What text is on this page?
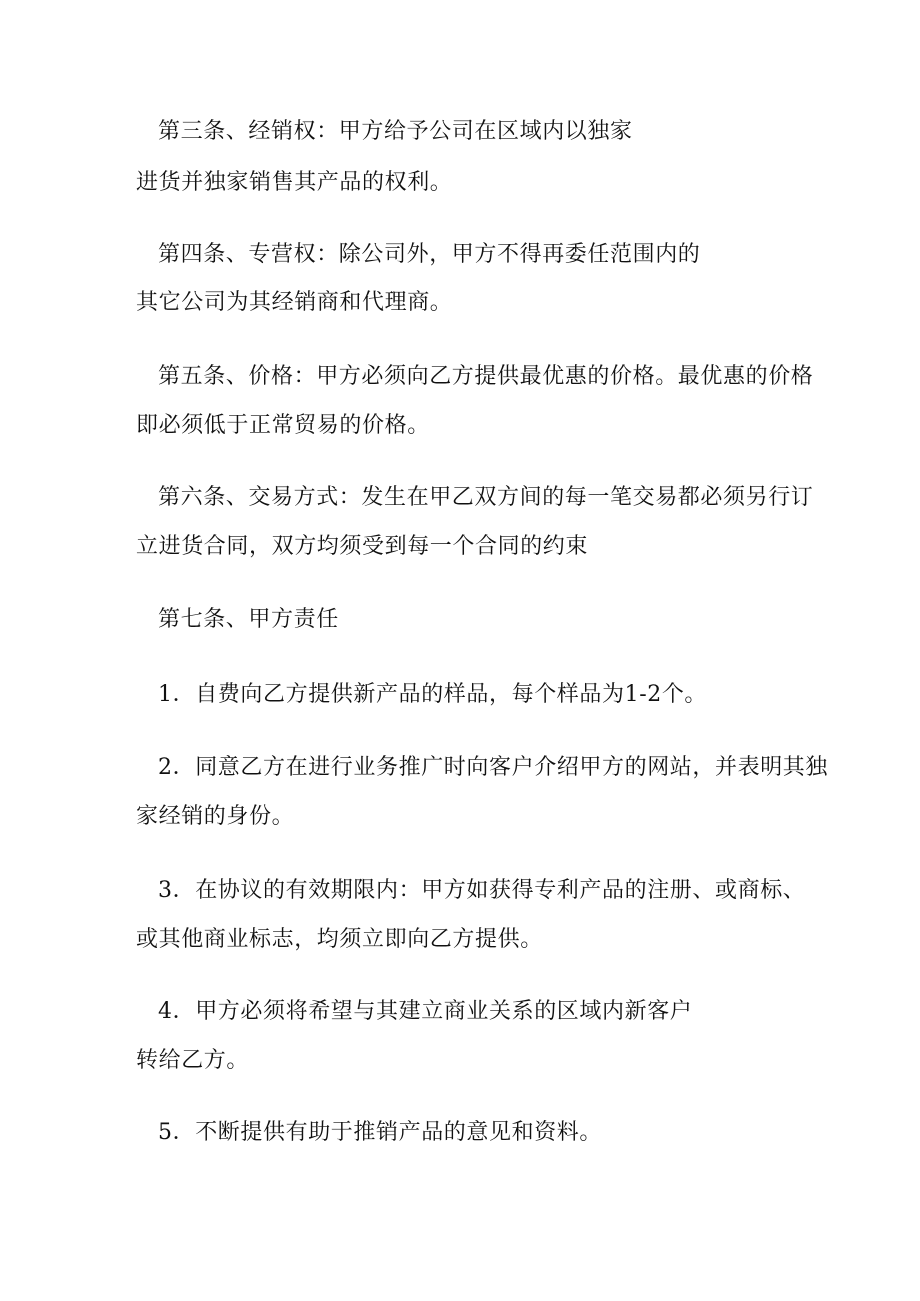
第三条、经销权：甲方给予公司在区域内以独家
进货并独家销售其产品的权利。
第四条、专营权：除公司外，甲方不得再委任范围内的
其它公司为其经销商和代理商。
第五条、价格：甲方必须向乙方提供最优惠的价格。最优惠的价格
即必须低于正常贸易的价格。
第六条、交易方式：发生在甲乙双方间的每一笔交易都必须另行订
立进货合同，双方均须受到每一个合同的约束
第七条、甲方责任
1．自费向乙方提供新产品的样品，每个样品为1-2个。
2．同意乙方在进行业务推广时向客户介绍甲方的网站，并表明其独
家经销的身份。
3．在协议的有效期限内：甲方如获得专利产品的注册、或商标、
或其他商业标志，均须立即向乙方提供。
4．甲方必须将希望与其建立商业关系的区域内新客户
转给乙方。
5．不断提供有助于推销产品的意见和资料。
